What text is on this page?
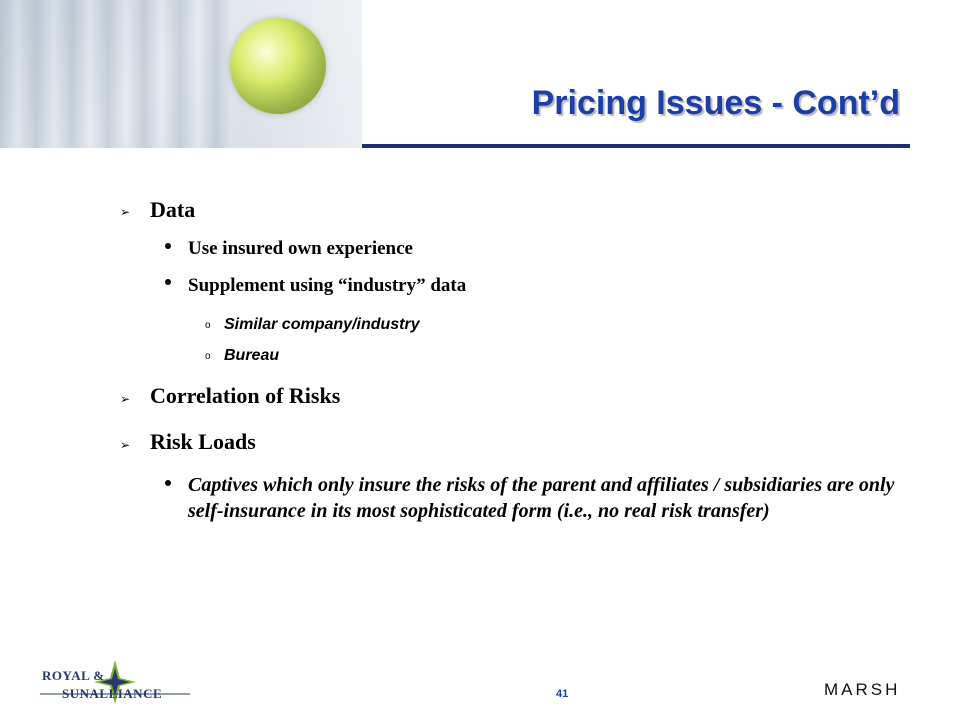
Pricing Issues - Cont’d
➢ Data
Use insured own experience
Supplement using “industry” data
o Similar company/industry
o Bureau
➢ Correlation of Risks
➢ Risk Loads
Captives which only insure the risks of the parent and affiliates / subsidiaries are only self-insurance in its most sophisticated form (i.e., no real risk transfer)
ROYAL &
SUNALLIANCE	41	MARSH
